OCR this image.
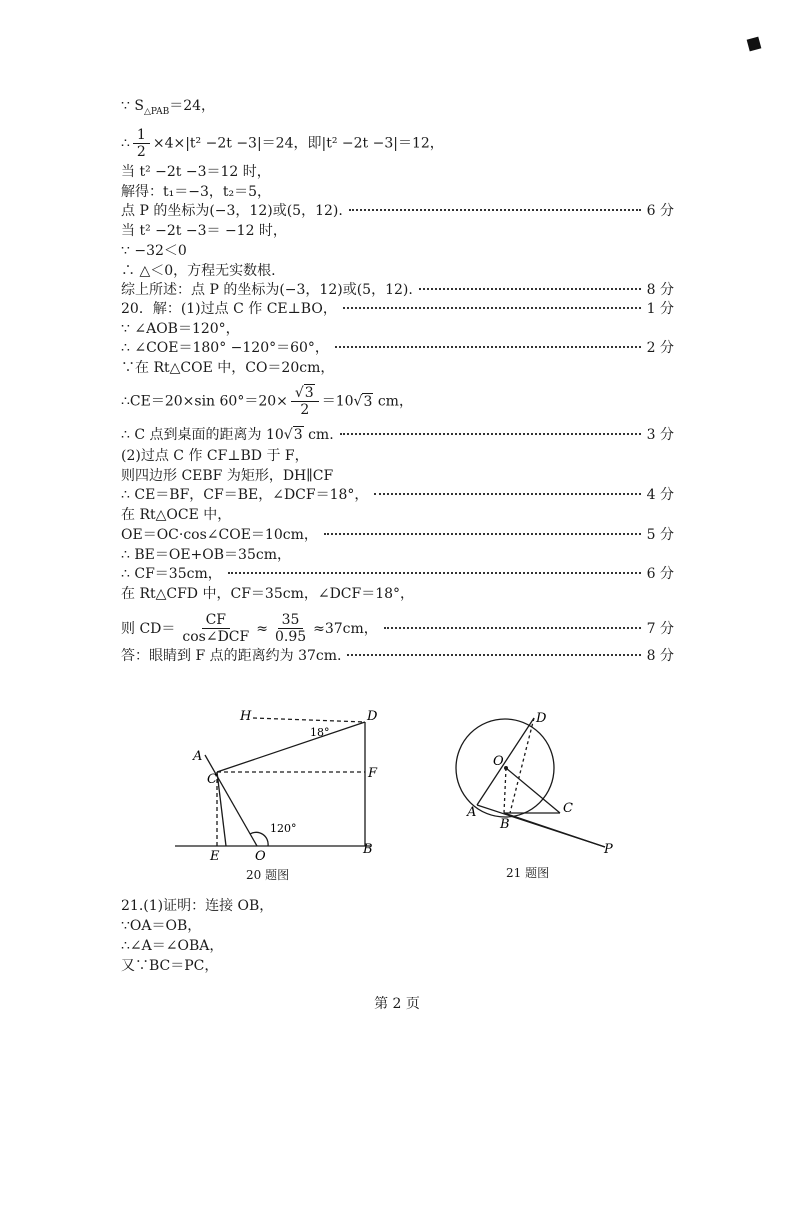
∵ $S_{\triangle PAB}=24$，
∴ $\frac{1}{2} \times 4\times|t^2 -2t -3|=24$，即|t² −2t −3|＝12，
当 t² −2t −3＝12 时，
解得：t₁＝−3，t₂＝5，
点 P 的坐标为(−3，12)或(5，12).	6 分
当 t² −2t −3＝ −12 时，
∵ −32＜0
∴ △＜0，方程无实数根.
综上所述：点 P 的坐标为(−3，12)或(5，12).	8 分
20．解：(1)过点 C 作 CE⊥BO，	1 分
∵ ∠AOB＝120°，
∴ ∠COE＝180° −120°＝60°，	2 分
∵在 Rt△COE 中，CO＝20cm，
∴CE＝20×sin $60^\circ=20\times \frac{√3}{2} =10√3$ cm，
∴ C 点到桌面的距离为 10√3 cm.	3 分
(2)过点 C 作 CF⊥BD 于 F，
则四边形 CEBF 为矩形，DH∥CF
∴ CE＝BF，CF＝BE，∠DCF＝18°，	4 分
在 Rt△OCE 中，
OE＝OC·cos∠COE＝10cm，	5 分
∴ BE＝OE+OB＝35cm，
∴ CF＝35cm，	6 分
在 Rt△CFD 中，CF＝35cm，∠DCF＝18°，
则 $CD= \frac{CF}{\text{cos∠DCF}} \approx \frac{35}{0.95} \approx 37cm$，	7 分
答：眼睛到 F 点的距离约为 37cm.	8 分
H	D
A
C	F
E	O	B
18°
120°
20 题图
D
O
A
B
C
P
21 题图
21.(1)证明：连接 OB，
∵OA＝OB，
∴∠A＝∠OBA，
又∵BC＝PC，
第 2 页
